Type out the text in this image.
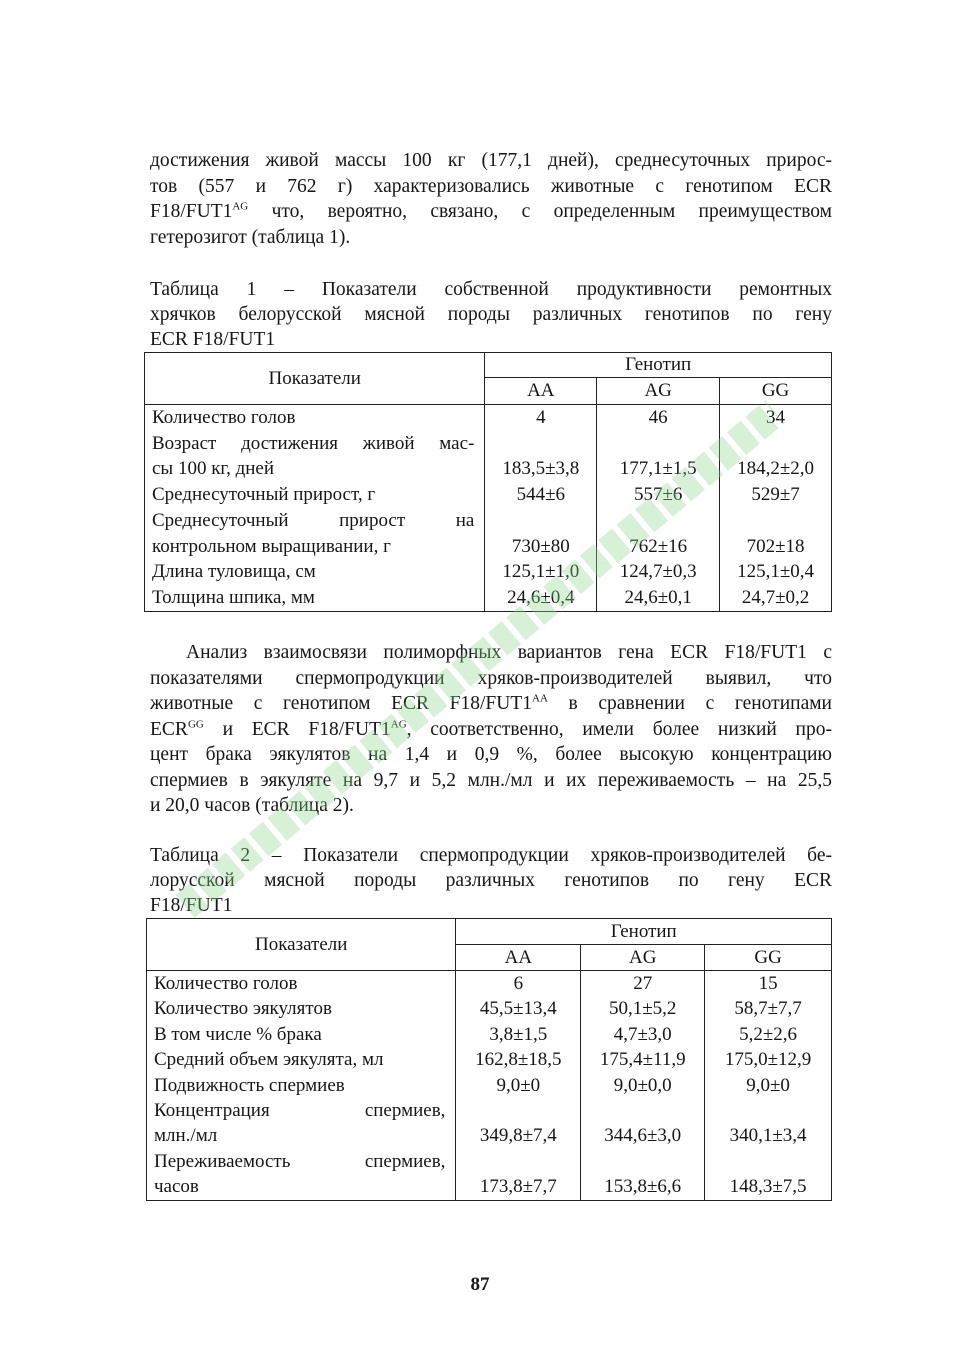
достижения живой массы 100 кг (177,1 дней), среднесуточных прирос-
тов (557 и 762 г) характеризовались животные с генотипом ECR
$F18/FUT1^{AG}$ что, вероятно, связано, с определенным преимуществом
гетерозигот (таблица 1).

Таблица 1 – Показатели собственной продуктивности ремонтных
хрячков белорусской мясной породы различных генотипов по гену
ECR F18/FUT1

Показатели	Генотип		
	AA	AG	GG

Количество голов	4	46	34

Возраст достижения живой мас-
сы 100 кг, дней	183,5±3,8	177,1±1,5	184,2±2,0

Среднесуточный прирост, г	544±6	557±6	529±7

Среднесуточный прирост на
контрольном выращивании, г	730±80	762±16	702±18

Длина туловища, см	125,1±1,0	124,7±0,3	125,1±0,4

Толщина шпика, мм	24,6±0,4	24,6±0,1	24,7±0,2

Анализ взаимосвязи полиморфных вариантов гена ECR F18/FUT1 с
показателями спермопродукции хряков-производителей выявил, что
животные с генотипом ECR $F18/FUT1^{AA}$ в сравнении с генотипами
$ECR^{GG}$ и ECR $F18/FUT1^{AG}$, соответственно, имели более низкий про-
цент брака эякулятов на 1,4 и 0,9 %, более высокую концентрацию
спермиев в эякуляте на 9,7 и 5,2 млн./мл и их переживаемость – на 25,5
и 20,0 часов (таблица 2).

Таблица 2 – Показатели спермопродукции хряков-производителей бе-
лорусской мясной породы различных генотипов по гену ECR
F18/FUT1

Показатели	Генотип		
	AA	AG	GG

Количество голов	6	27	15

Количество эякулятов	45,5±13,4	50,1±5,2	58,7±7,7

В том числе % брака	3,8±1,5	4,7±3,0	5,2±2,6

Средний объем эякулята, мл	162,8±18,5	175,4±11,9	175,0±12,9

Подвижность спермиев	9,0±0	9,0±0,0	9,0±0

Концентрация спермиев,
млн./мл	349,8±7,4	344,6±3,0	340,1±3,4

Переживаемость спермиев,
часов	173,8±7,7	153,8±6,6	148,3±7,5
87
